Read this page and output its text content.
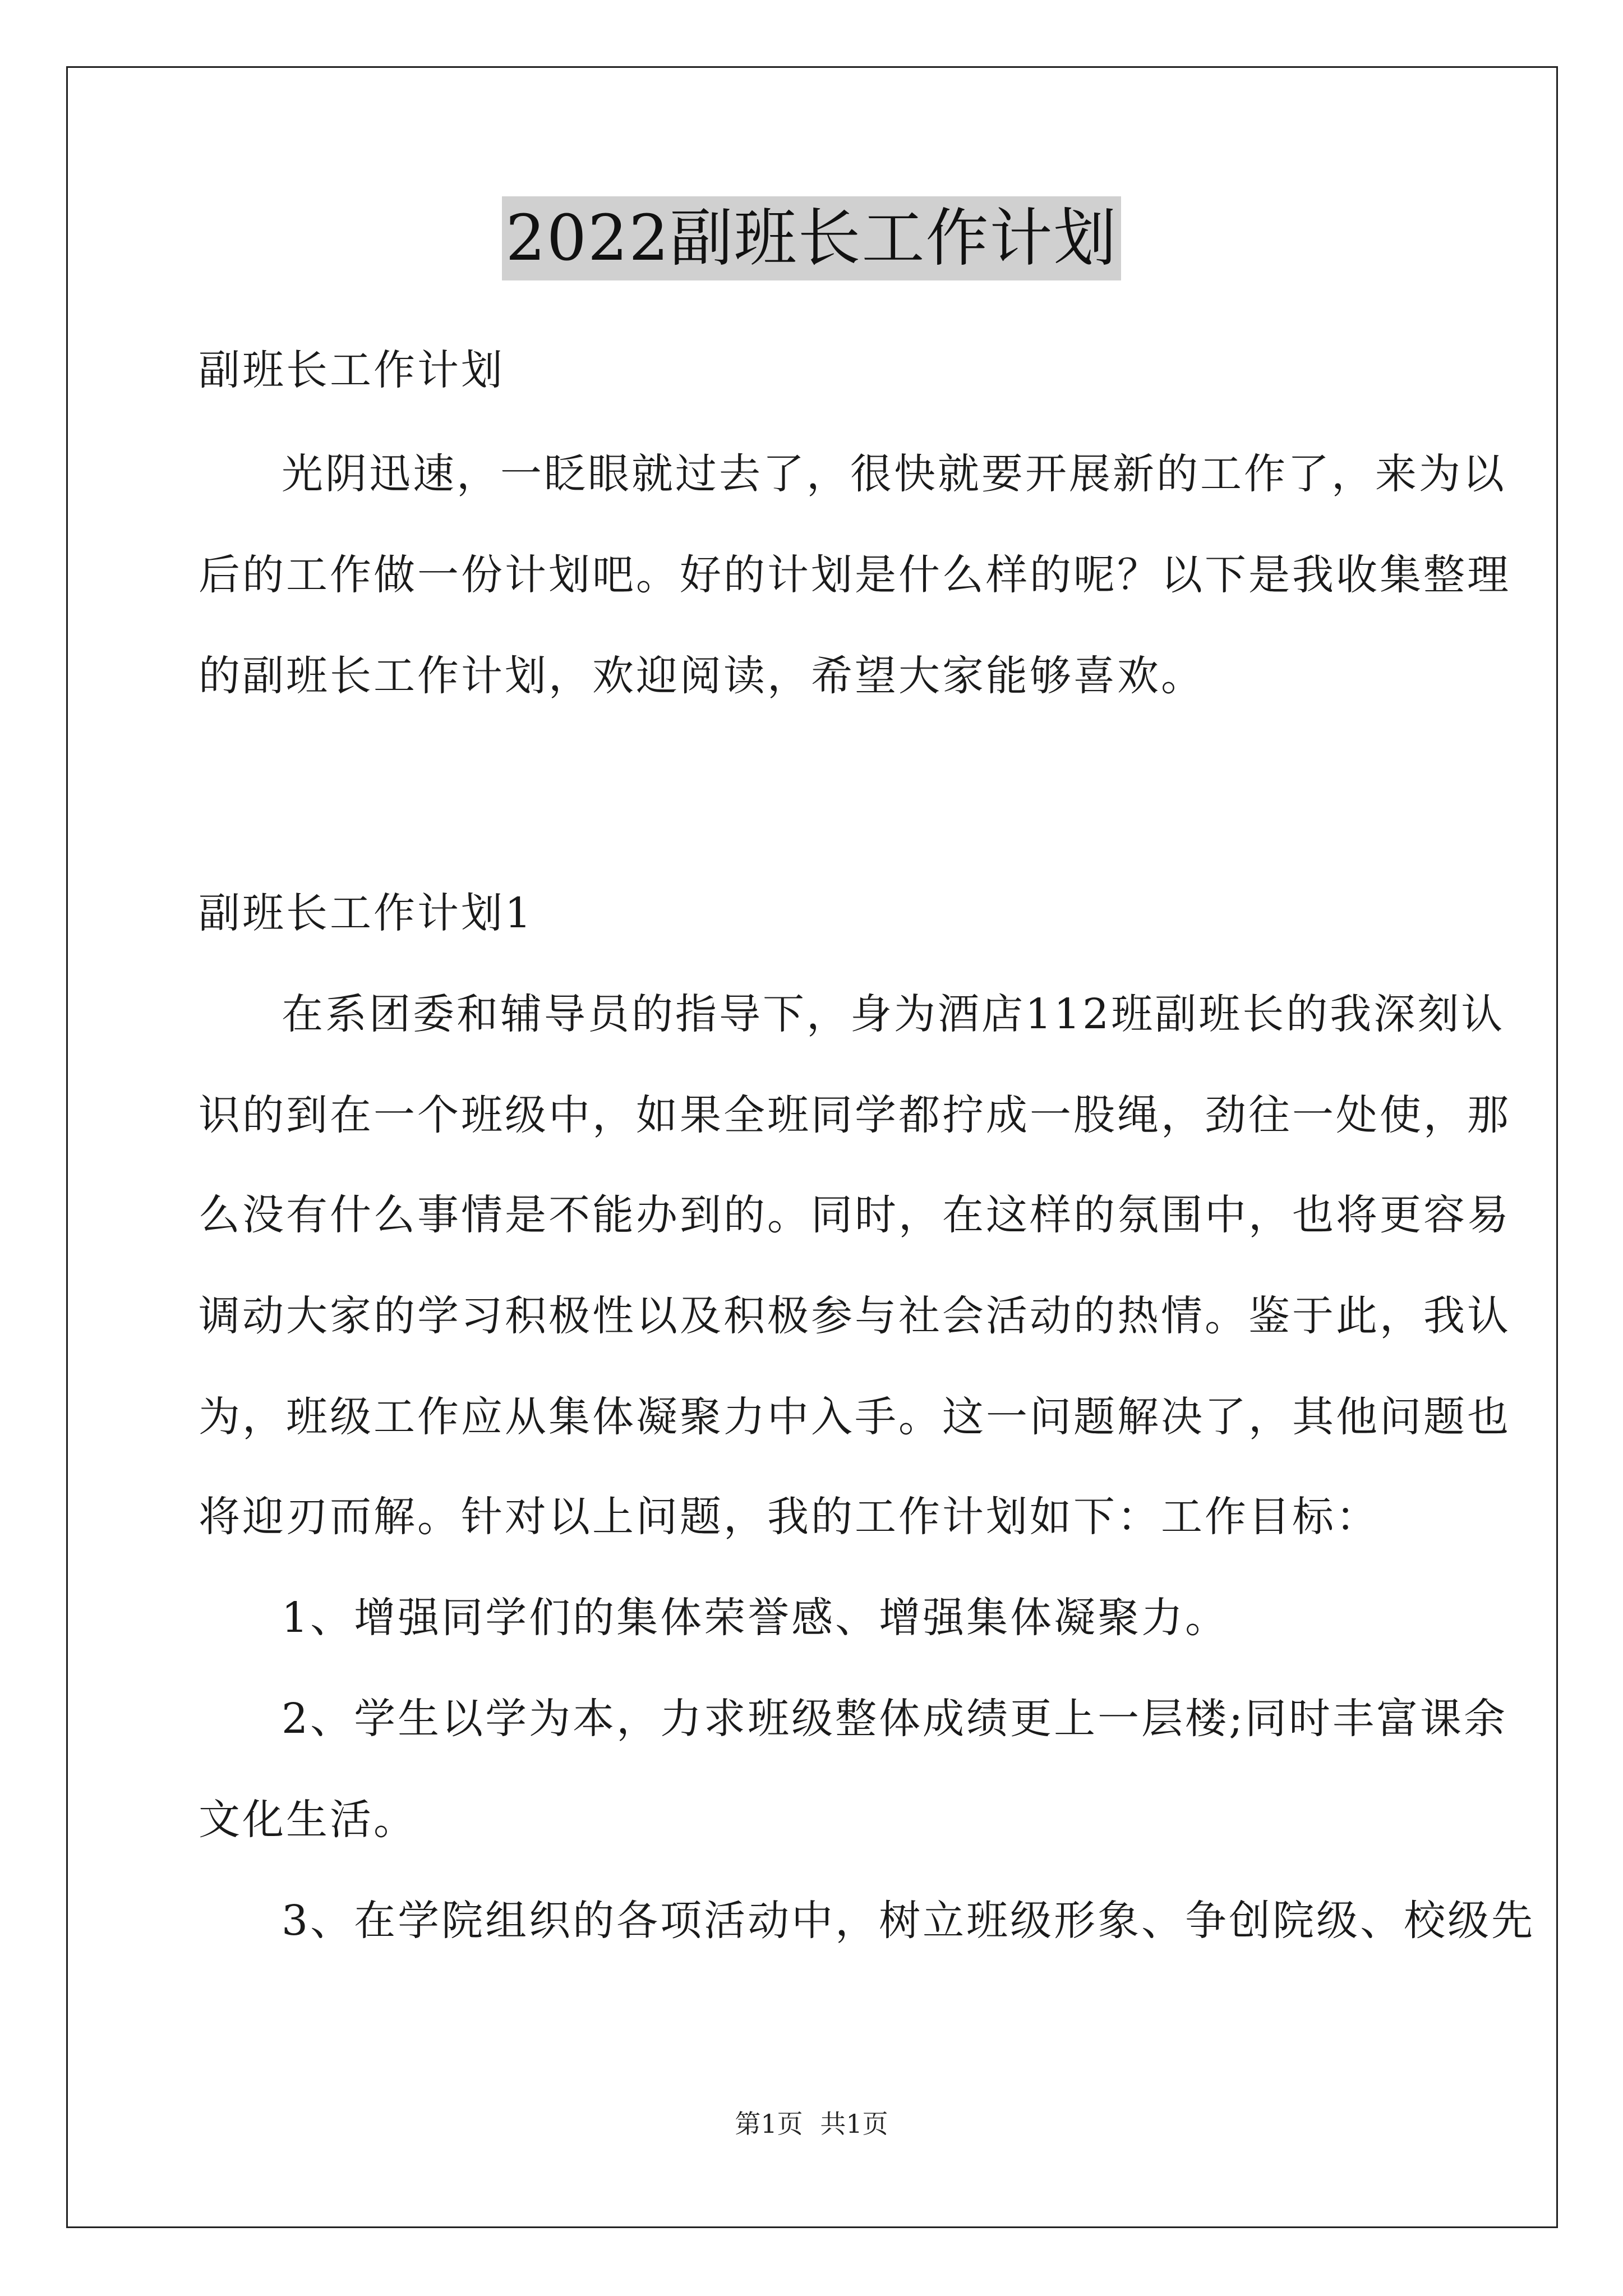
2022副班长工作计划
副班长工作计划
光阴迅速，一眨眼就过去了，很快就要开展新的工作了，来为以
后的工作做一份计划吧。好的计划是什么样的呢？以下是我收集整理
的副班长工作计划，欢迎阅读，希望大家能够喜欢。
副班长工作计划1
在系团委和辅导员的指导下，身为酒店112班副班长的我深刻认
识的到在一个班级中，如果全班同学都拧成一股绳，劲往一处使，那
么没有什么事情是不能办到的。同时，在这样的氛围中，也将更容易
调动大家的学习积极性以及积极参与社会活动的热情。鉴于此，我认
为，班级工作应从集体凝聚力中入手。这一问题解决了，其他问题也
将迎刃而解。针对以上问题，我的工作计划如下：工作目标：
1、增强同学们的集体荣誉感、增强集体凝聚力。
2、学生以学为本，力求班级整体成绩更上一层楼;同时丰富课余
文化生活。
3、在学院组织的各项活动中，树立班级形象、争创院级、校级先
第1页 共1页
